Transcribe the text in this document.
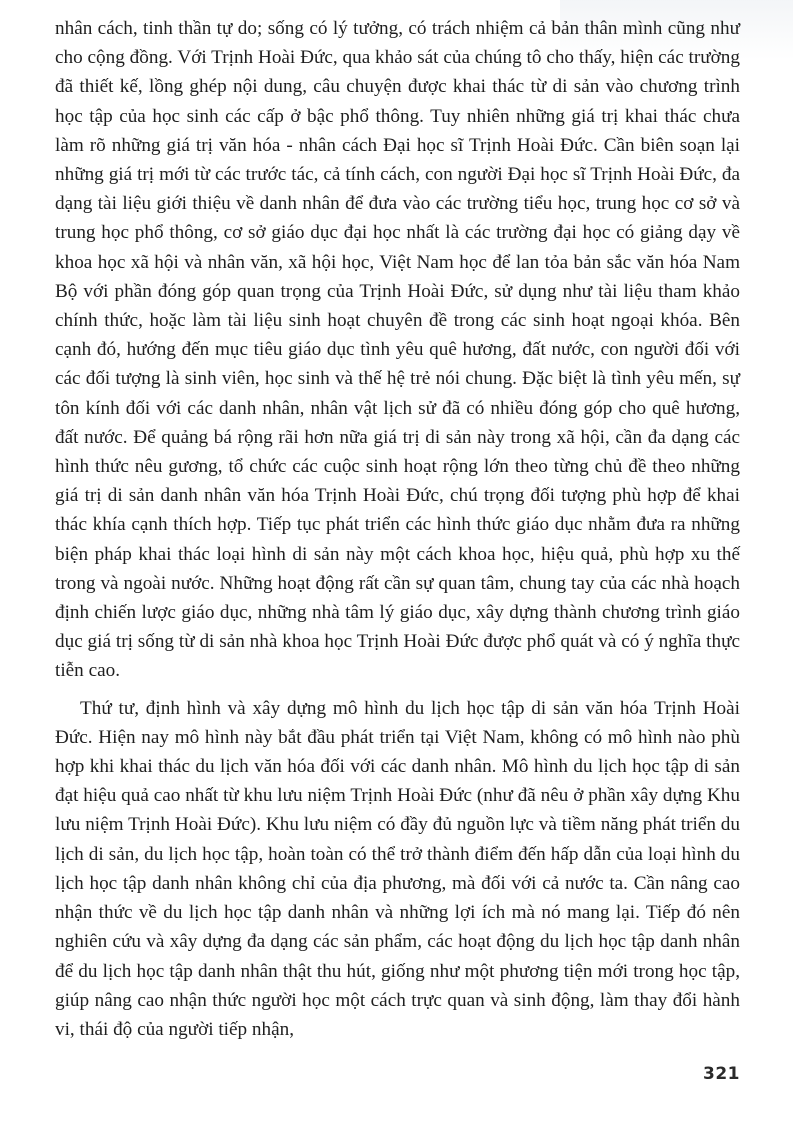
nhân cách, tinh thần tự do; sống có lý tưởng, có trách nhiệm cả bản thân mình cũng như cho cộng đồng. Với Trịnh Hoài Đức, qua khảo sát của chúng tô cho thấy, hiện các trường đã thiết kế, lồng ghép nội dung, câu chuyện được khai thác từ di sản vào chương trình học tập của học sinh các cấp ở bậc phổ thông. Tuy nhiên những giá trị khai thác chưa làm rõ những giá trị văn hóa - nhân cách Đại học sĩ Trịnh Hoài Đức. Cần biên soạn lại những giá trị mới từ các trước tác, cả tính cách, con người Đại học sĩ Trịnh Hoài Đức, đa dạng tài liệu giới thiệu về danh nhân để đưa vào các trường tiểu học, trung học cơ sở và trung học phổ thông, cơ sở giáo dục đại học nhất là các trường đại học có giảng dạy về khoa học xã hội và nhân văn, xã hội học, Việt Nam học để lan tỏa bản sắc văn hóa Nam Bộ với phần đóng góp quan trọng của Trịnh Hoài Đức, sử dụng như tài liệu tham khảo chính thức, hoặc làm tài liệu sinh hoạt chuyên đề trong các sinh hoạt ngoại khóa. Bên cạnh đó, hướng đến mục tiêu giáo dục tình yêu quê hương, đất nước, con người đối với các đối tượng là sinh viên, học sinh và thế hệ trẻ nói chung. Đặc biệt là tình yêu mến, sự tôn kính đối với các danh nhân, nhân vật lịch sử đã có nhiều đóng góp cho quê hương, đất nước. Để quảng bá rộng rãi hơn nữa giá trị di sản này trong xã hội, cần đa dạng các hình thức nêu gương, tổ chức các cuộc sinh hoạt rộng lớn theo từng chủ đề theo những giá trị di sản danh nhân văn hóa Trịnh Hoài Đức, chú trọng đối tượng phù hợp để khai thác khía cạnh thích hợp. Tiếp tục phát triển các hình thức giáo dục nhằm đưa ra những biện pháp khai thác loại hình di sản này một cách khoa học, hiệu quả, phù hợp xu thế trong và ngoài nước. Những hoạt động rất cần sự quan tâm, chung tay của các nhà hoạch định chiến lược giáo dục, những nhà tâm lý giáo dục, xây dựng thành chương trình giáo dục giá trị sống từ di sản nhà khoa học Trịnh Hoài Đức được phổ quát và có ý nghĩa thực tiễn cao.

Thứ tư, định hình và xây dựng mô hình du lịch học tập di sản văn hóa Trịnh Hoài Đức. Hiện nay mô hình này bắt đầu phát triển tại Việt Nam, không có mô hình nào phù hợp khi khai thác du lịch văn hóa đối với các danh nhân. Mô hình du lịch học tập di sản đạt hiệu quả cao nhất từ khu lưu niệm Trịnh Hoài Đức (như đã nêu ở phần xây dựng Khu lưu niệm Trịnh Hoài Đức). Khu lưu niệm có đầy đủ nguồn lực và tiềm năng phát triển du lịch di sản, du lịch học tập, hoàn toàn có thể trở thành điểm đến hấp dẫn của loại hình du lịch học tập danh nhân không chỉ của địa phương, mà đối với cả nước ta. Cần nâng cao nhận thức về du lịch học tập danh nhân và những lợi ích mà nó mang lại. Tiếp đó nên nghiên cứu và xây dựng đa dạng các sản phẩm, các hoạt động du lịch học tập danh nhân để du lịch học tập danh nhân thật thu hút, giống như một phương tiện mới trong học tập, giúp nâng cao nhận thức người học một cách trực quan và sinh động, làm thay đổi hành vi, thái độ của người tiếp nhận,

321
